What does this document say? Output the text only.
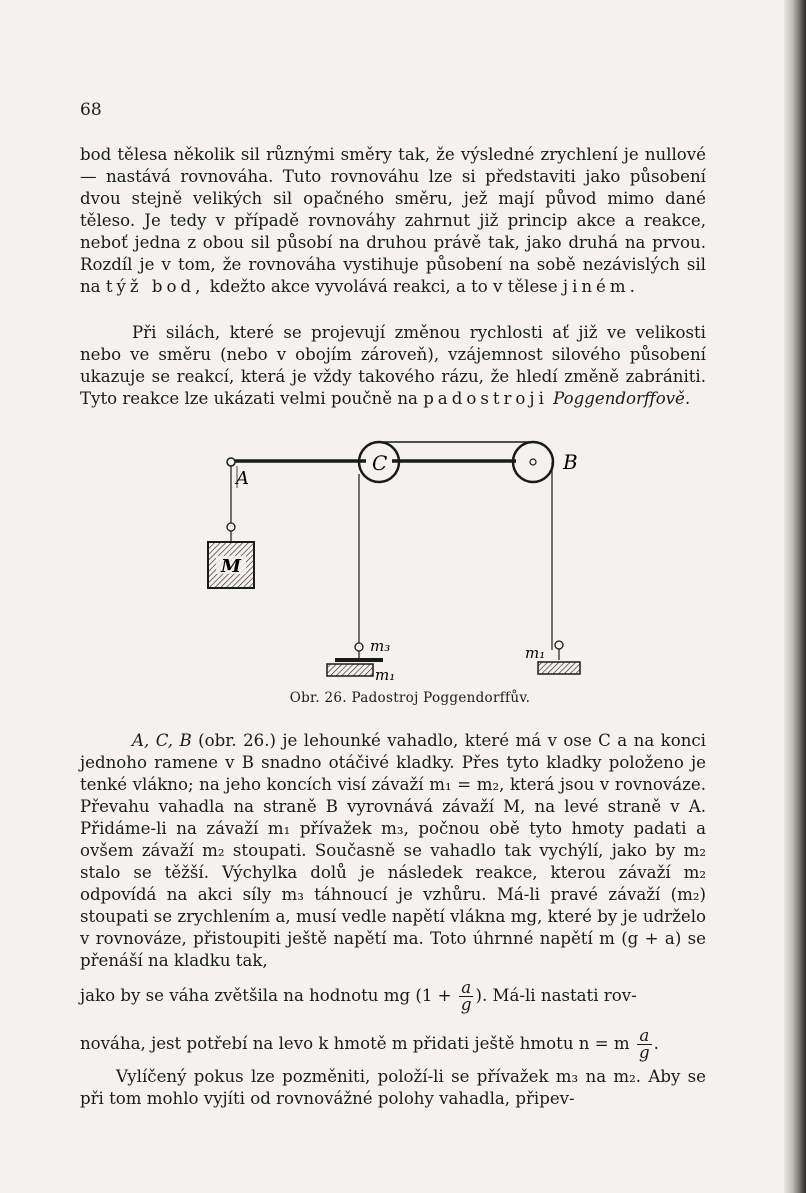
68

bod tělesa několik sil různými směry tak, že výsledné zrychlení je nullové — nastává rovnováha. Tuto rovnováhu lze si představiti jako působení dvou stejně velikých sil opačného směru, jež mají původ mimo dané těleso. Je tedy v případě rovnováhy zahrnut již princip akce a reakce, neboť jedna z obou sil působí na druhou právě tak, jako druhá na prvou. Rozdíl je v tom, že rovnováha vystihuje působení na sobě nezávislých sil na týž bod, kdežto akce vyvolává reakci, a to v tělese jiném.

Při silách, které se projevují změnou rychlosti ať již ve velikosti nebo ve směru (nebo v obojím zároveň), vzájemnost silového působení ukazuje se reakcí, která je vždy takového rázu, že hledí změně zabrániti. Tyto reakce lze ukázati velmi poučně na padostroji Poggendorffově.

A
B
C
M
m₃
m₁
m₁
Obr. 26. Padostroj Poggendorffův.

A, C, B (obr. 26.) je lehounké vahadlo, které má v ose C a na konci jednoho ramene v B snadno otáčivé kladky. Přes tyto kladky položeno je tenké vlákno; na jeho koncích visí závaží m₁ = m₂, která jsou v rovnováze. Převahu vahadla na straně B vyrovnává závaží M, na levé straně v A. Přidáme-li na závaží m₁ přívažek m₃, počnou obě tyto hmoty padati a ovšem závaží m₂ stoupati. Současně se vahadlo tak vychýlí, jako by m₂ stalo se těžší. Výchylka dolů je následek reakce, kterou závaží m₂ odpovídá na akci síly m₃ táhnoucí je vzhůru. Má-li pravé závaží (m₂) stoupati se zrychlením a, musí vedle napětí vlákna mg, které by je udrželo v rovnováze, přistoupiti ještě napětí ma. Toto úhrnné napětí m (g + a) se přenáší na kladku tak,

jako by se váha zvětšila na hodnotu mg ($1 + \frac{a}{g}$ ). Má-li nastati rov-
nováha, jest potřebí na levo k hmotě m přidati ještě hmotu n = m $\frac{a}{g}$ .

Vylíčený pokus lze pozměniti, položí-li se přívažek m₃ na m₂. Aby se při tom mohlo vyjíti od rovnovážné polohy vahadla, připev-
